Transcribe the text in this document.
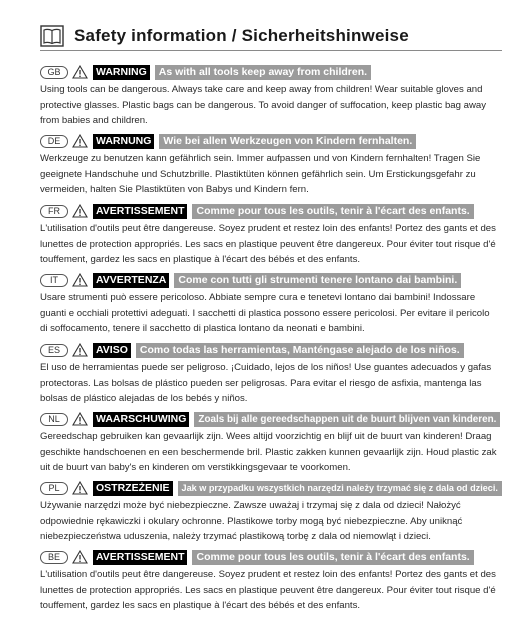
Safety information / Sicherheitshinweise
GB	WARNING	As with all tools keep away from children.
Using tools can be dangerous. Always take care and keep away from children! Wear suitable gloves and
protective glasses. Plastic bags can be dangerous. To avoid danger of suffocation, keep plastic bag away
from babies and children.
DE	WARNUNG	Wie bei allen Werkzeugen von Kindern fernhalten.
Werkzeuge zu benutzen kann gefährlich sein. Immer aufpassen und von Kindern fernhalten! Tragen Sie
geeignete Handschuhe und Schutzbrille. Plastiktüten können gefährlich sein. Um Erstickungsgefahr zu
vermeiden, halten Sie Plastiktüten von Babys und Kindern fern.
FR	AVERTISSEMENT	Comme pour tous les outils, tenir à l'écart des enfants.
L'utilisation d'outils peut être dangereuse. Soyez prudent et restez loin des enfants! Portez des gants et des
lunettes de protection appropriés. Les sacs en plastique peuvent être dangereux. Pour éviter tout risque d'é
touffement, gardez les sacs en plastique à l'écart des bébés et des enfants.
IT	AVVERTENZA	Come con tutti gli strumenti tenere lontano dai bambini.
Usare strumenti può essere pericoloso. Abbiate sempre cura e tenetevi lontano dai bambini! Indossare
guanti e occhiali protettivi adeguati. I sacchetti di plastica possono essere pericolosi. Per evitare il pericolo
di soffocamento, tenere il sacchetto di plastica lontano da neonati e bambini.
ES	AVISO	Como todas las herramientas, Manténgase alejado de los niños.
El uso de herramientas puede ser peligroso. ¡Cuidado, lejos de los niños! Use guantes adecuados y gafas
protectoras. Las bolsas de plástico pueden ser peligrosas. Para evitar el riesgo de asfixia, mantenga las
bolsas de plástico alejadas de los bebés y niños.
NL	WAARSCHUWING	Zoals bij alle gereedschappen uit de buurt blijven van kinderen.
Gereedschap gebruiken kan gevaarlijk zijn. Wees altijd voorzichtig en blijf uit de buurt van kinderen! Draag
geschikte handschoenen en een beschermende bril. Plastic zakken kunnen gevaarlijk zijn. Houd plastic zak
uit de buurt van baby's en kinderen om verstikkingsgevaar te voorkomen.
PL	OSTRZEŻENIE	Jak w przypadku wszystkich narzędzi należy trzymać się z dala od dzieci.
Używanie narzędzi może być niebezpieczne. Zawsze uważaj i trzymaj się z dala od dzieci! Nałożyć
odpowiednie rękawiczki i okulary ochronne. Plastikowe torby mogą być niebezpieczne. Aby uniknąć
niebezpieczeństwa uduszenia, należy trzymać plastikową torbę z dala od niemowląt i dzieci.
BE	AVERTISSEMENT	Comme pour tous les outils, tenir à l'écart des enfants.
L'utilisation d'outils peut être dangereuse. Soyez prudent et restez loin des enfants! Portez des gants et des
lunettes de protection appropriés. Les sacs en plastique peuvent être dangereux. Pour éviter tout risque d'é
touffement, gardez les sacs en plastique à l'écart des bébés et des enfants.
